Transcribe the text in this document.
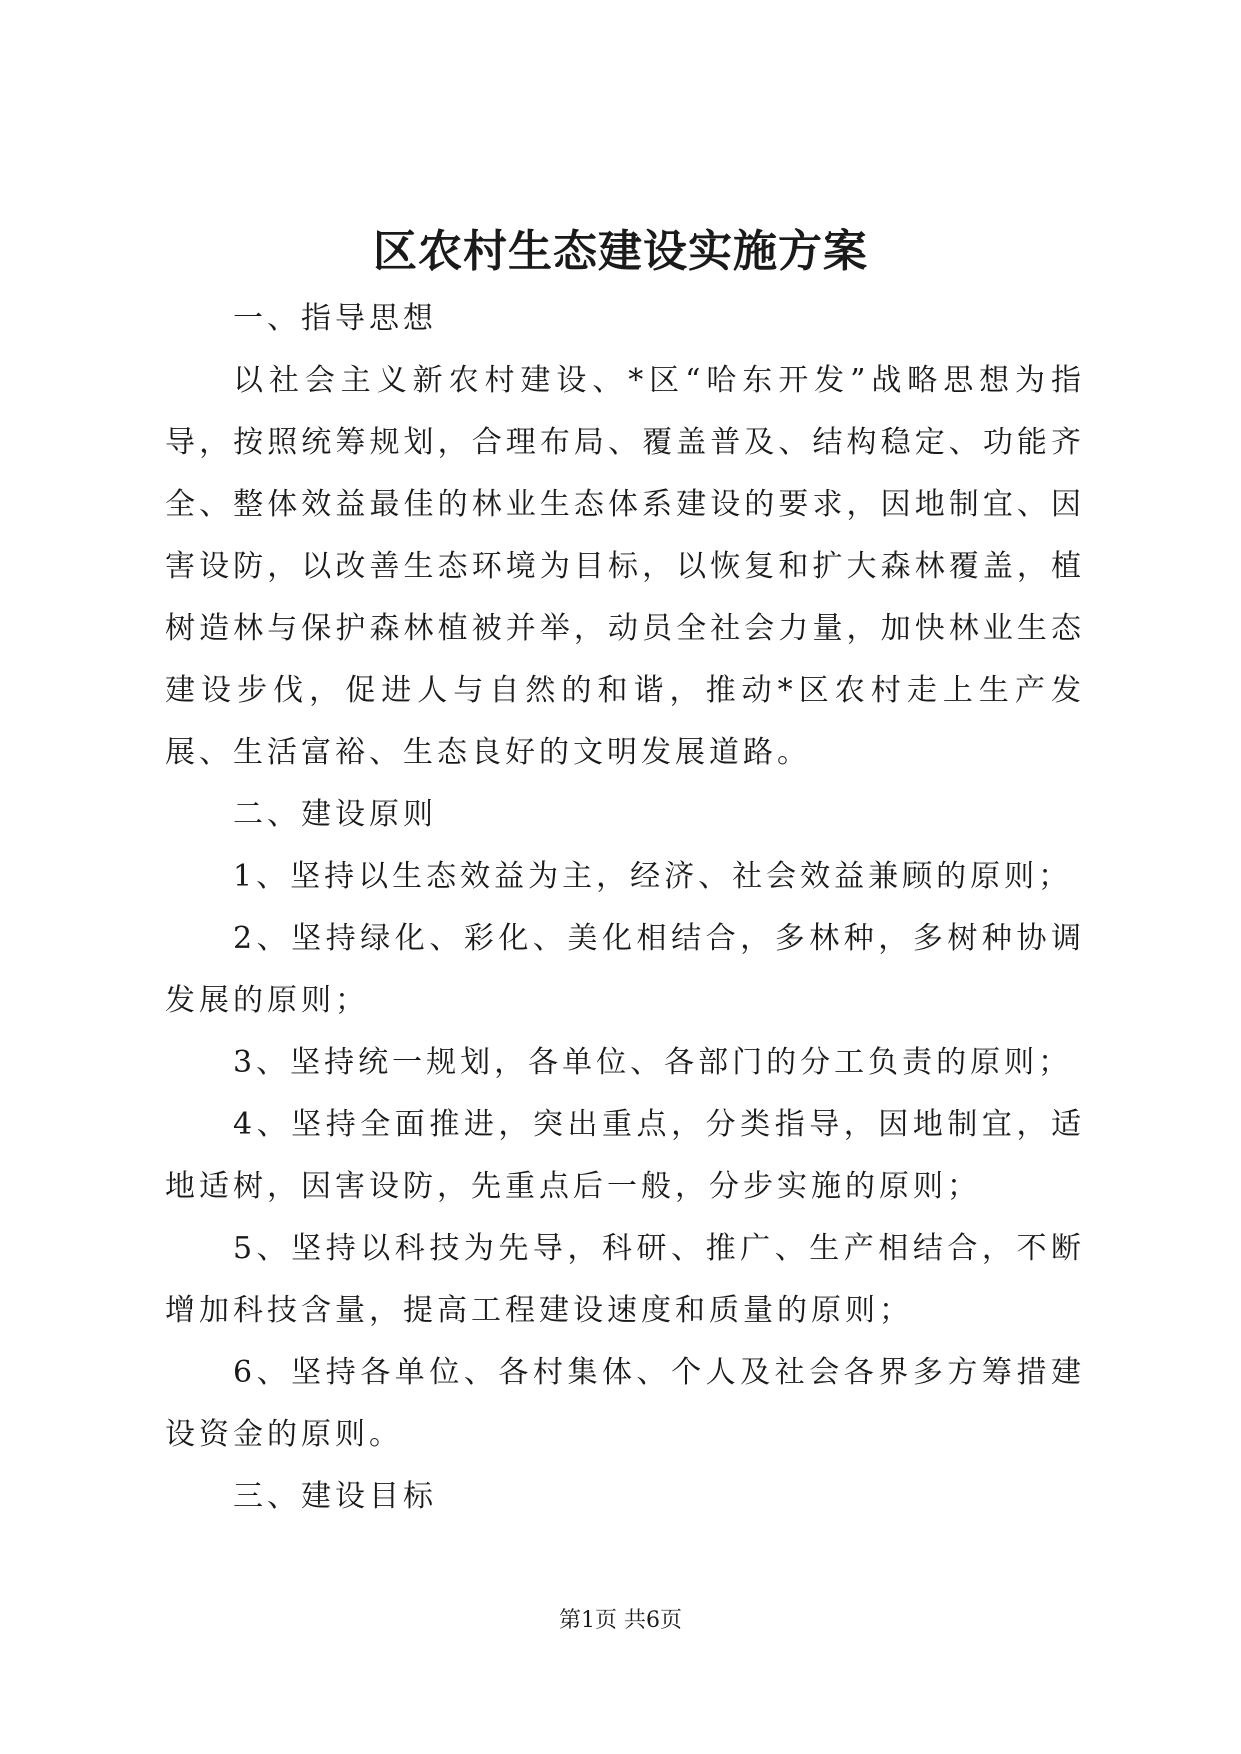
区农村生态建设实施方案

一、指导思想

以社会主义新农村建设、*区“哈东开发”战略思想为指导，按照统筹规划，合理布局、覆盖普及、结构稳定、功能齐全、整体效益最佳的林业生态体系建设的要求，因地制宜、因害设防，以改善生态环境为目标，以恢复和扩大森林覆盖，植树造林与保护森林植被并举，动员全社会力量，加快林业生态建设步伐，促进人与自然的和谐，推动*区农村走上生产发展、生活富裕、生态良好的文明发展道路。

二、建设原则

1、坚持以生态效益为主，经济、社会效益兼顾的原则；

2、坚持绿化、彩化、美化相结合，多林种，多树种协调发展的原则；

3、坚持统一规划，各单位、各部门的分工负责的原则；

4、坚持全面推进，突出重点，分类指导，因地制宜，适地适树，因害设防，先重点后一般，分步实施的原则；

5、坚持以科技为先导，科研、推广、生产相结合，不断增加科技含量，提高工程建设速度和质量的原则；

6、坚持各单位、各村集体、个人及社会各界多方筹措建设资金的原则。

三、建设目标

第1页 共6页
